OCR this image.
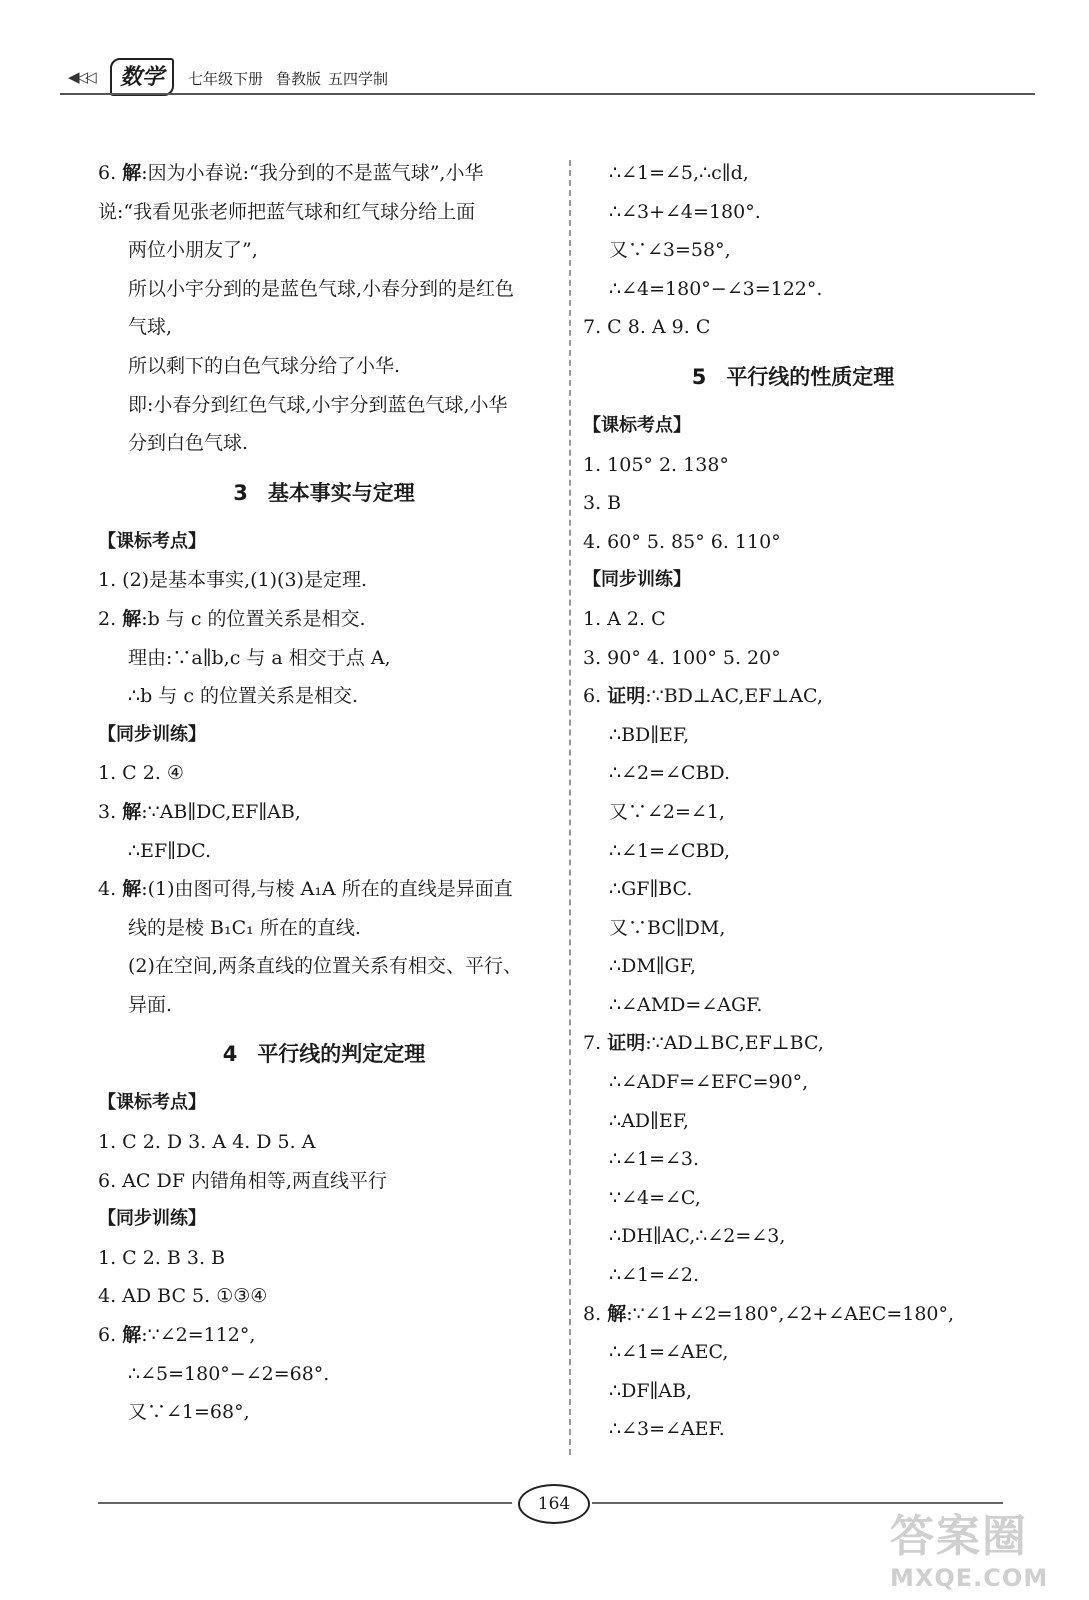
◀◁◁	数学	七年级下册 鲁教版 五四学制
6. 解:因为小春说:“我分到的不是蓝气球”,小华
说:“我看见张老师把蓝气球和红气球分给上面
两位小朋友了”,
所以小宇分到的是蓝色气球,小春分到的是红色
气球,
所以剩下的白色气球分给了小华.
即:小春分到红色气球,小宇分到蓝色气球,小华
分到白色气球.
3 基本事实与定理
【课标考点】
1. (2)是基本事实,(1)(3)是定理.
2. 解:b 与 c 的位置关系是相交.
理由:∵a∥b,c 与 a 相交于点 A,
∴b 与 c 的位置关系是相交.
【同步训练】
1. C 2. ④
3. 解:∵AB∥DC,EF∥AB,
∴EF∥DC.
4. 解:(1)由图可得,与棱 A₁A 所在的直线是异面直
线的是棱 B₁C₁ 所在的直线.
(2)在空间,两条直线的位置关系有相交、平行、
异面.
4 平行线的判定定理
【课标考点】
1. C 2. D 3. A 4. D 5. A
6. AC DF 内错角相等,两直线平行
【同步训练】
1. C 2. B 3. B
4. AD BC 5. ①③④
6. 解:∵∠2=112°,
∴∠5=180°−∠2=68°.
又∵∠1=68°,
∴∠1=∠5,∴c∥d,
∴∠3+∠4=180°.
又∵∠3=58°,
∴∠4=180°−∠3=122°.
7. C 8. A 9. C
5 平行线的性质定理
【课标考点】
1. 105° 2. 138°
3. B
4. 60° 5. 85° 6. 110°
【同步训练】
1. A 2. C
3. 90° 4. 100° 5. 20°
6. 证明:∵BD⊥AC,EF⊥AC,
∴BD∥EF,
∴∠2=∠CBD.
又∵∠2=∠1,
∴∠1=∠CBD,
∴GF∥BC.
又∵BC∥DM,
∴DM∥GF,
∴∠AMD=∠AGF.
7. 证明:∵AD⊥BC,EF⊥BC,
∴∠ADF=∠EFC=90°,
∴AD∥EF,
∴∠1=∠3.
∵∠4=∠C,
∴DH∥AC,∴∠2=∠3,
∴∠1=∠2.
8. 解:∵∠1+∠2=180°,∠2+∠AEC=180°,
∴∠1=∠AEC,
∴DF∥AB,
∴∠3=∠AEF.
164
答案圈
MXQE.COM
